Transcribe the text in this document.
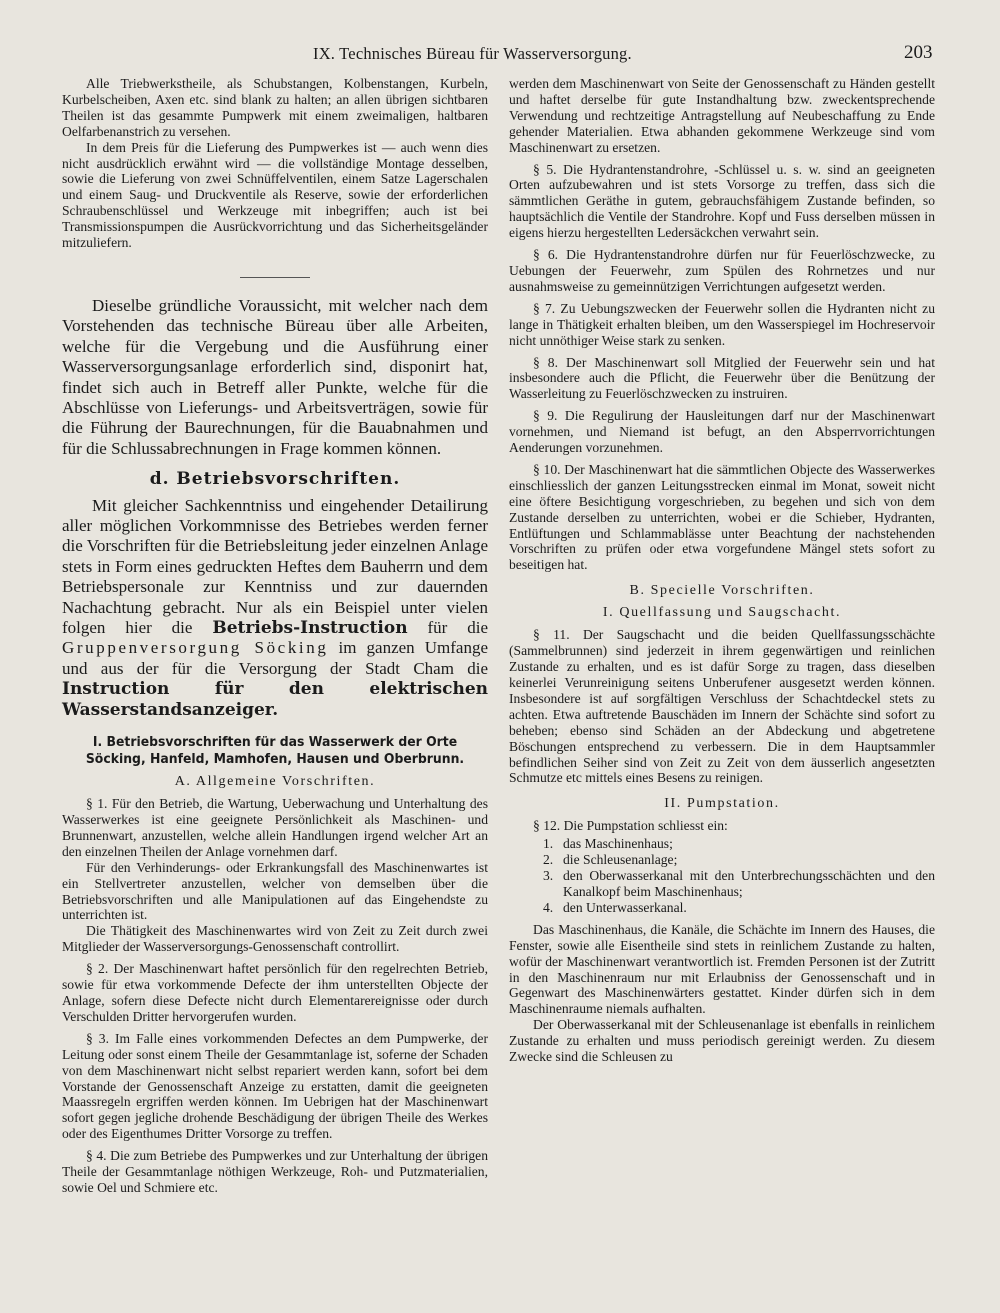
IX. Technisches Büreau für Wasserversorgung.	203

Alle Triebwerkstheile, als Schubstangen, Kolbenstangen, Kurbeln, Kurbelscheiben, Axen etc. sind blank zu halten; an allen übrigen sichtbaren Theilen ist das gesammte Pumpwerk mit einem zweimaligen, haltbaren Oelfarbenanstrich zu versehen.

In dem Preis für die Lieferung des Pumpwerkes ist — auch wenn dies nicht ausdrücklich erwähnt wird — die vollständige Montage desselben, sowie die Lieferung von zwei Schnüffelventilen, einem Satze Lagerschalen und einem Saug- und Druckventile als Reserve, sowie der erforderlichen Schraubenschlüssel und Werkzeuge mit inbegriffen; auch ist bei Transmissionspumpen die Ausrückvorrichtung und das Sicherheitsgeländer mitzuliefern.

Dieselbe gründliche Voraussicht, mit welcher nach dem Vorstehenden das technische Büreau über alle Arbeiten, welche für die Vergebung und die Ausführung einer Wasserversorgungsanlage erforderlich sind, disponirt hat, findet sich auch in Betreff aller Punkte, welche für die Abschlüsse von Lieferungs- und Arbeitsverträgen, sowie für die Führung der Baurechnungen, für die Bauabnahmen und für die Schlussabrechnungen in Frage kommen können.

d. Betriebsvorschriften.

Mit gleicher Sachkenntniss und eingehender Detailirung aller möglichen Vorkommnisse des Betriebes werden ferner die Vorschriften für die Betriebsleitung jeder einzelnen Anlage stets in Form eines gedruckten Heftes dem Bauherrn und dem Betriebspersonale zur Kenntniss und zur dauernden Nachachtung gebracht. Nur als ein Beispiel unter vielen folgen hier die Betriebs-Instruction für die Gruppenversorgung Söcking im ganzen Umfange und aus der für die Versorgung der Stadt Cham die Instruction für den elektrischen Wasserstandsanzeiger.

I. Betriebsvorschriften für das Wasserwerk der Orte Söcking, Hanfeld, Mamhofen, Hausen und Oberbrunn.
A. Allgemeine Vorschriften.

§ 1. Für den Betrieb, die Wartung, Ueberwachung und Unterhaltung des Wasserwerkes ist eine geeignete Persönlichkeit als Maschinen- und Brunnenwart, anzustellen, welche allein Handlungen irgend welcher Art an den einzelnen Theilen der Anlage vornehmen darf.

Für den Verhinderungs- oder Erkrankungsfall des Maschinenwartes ist ein Stellvertreter anzustellen, welcher von demselben über die Betriebsvorschriften und alle Manipulationen auf das Eingehendste zu unterrichten ist.

Die Thätigkeit des Maschinenwartes wird von Zeit zu Zeit durch zwei Mitglieder der Wasserversorgungs-Genossenschaft controllirt.

§ 2. Der Maschinenwart haftet persönlich für den regelrechten Betrieb, sowie für etwa vorkommende Defecte der ihm unterstellten Objecte der Anlage, sofern diese Defecte nicht durch Elementarereignisse oder durch Verschulden Dritter hervorgerufen wurden.

§ 3. Im Falle eines vorkommenden Defectes an dem Pumpwerke, der Leitung oder sonst einem Theile der Gesammtanlage ist, soferne der Schaden von dem Maschinenwart nicht selbst repariert werden kann, sofort bei dem Vorstande der Genossenschaft Anzeige zu erstatten, damit die geeigneten Maassregeln ergriffen werden können. Im Uebrigen hat der Maschinenwart sofort gegen jegliche drohende Beschädigung der übrigen Theile des Werkes oder des Eigenthumes Dritter Vorsorge zu treffen.

§ 4. Die zum Betriebe des Pumpwerkes und zur Unterhaltung der übrigen Theile der Gesammtanlage nöthigen Werkzeuge, Roh- und Putzmaterialien, sowie Oel und Schmiere etc.

werden dem Maschinenwart von Seite der Genossenschaft zu Händen gestellt und haftet derselbe für gute Instandhaltung bzw. zweckentsprechende Verwendung und rechtzeitige Antragstellung auf Neubeschaffung zu Ende gehender Materialien. Etwa abhanden gekommene Werkzeuge sind vom Maschinenwart zu ersetzen.

§ 5. Die Hydrantenstandrohre, -Schlüssel u. s. w. sind an geeigneten Orten aufzubewahren und ist stets Vorsorge zu treffen, dass sich die sämmtlichen Geräthe in gutem, gebrauchsfähigem Zustande befinden, so hauptsächlich die Ventile der Standrohre. Kopf und Fuss derselben müssen in eigens hierzu hergestellten Ledersäckchen verwahrt sein.

§ 6. Die Hydrantenstandrohre dürfen nur für Feuerlöschzwecke, zu Uebungen der Feuerwehr, zum Spülen des Rohrnetzes und nur ausnahmsweise zu gemeinnützigen Verrichtungen aufgesetzt werden.

§ 7. Zu Uebungszwecken der Feuerwehr sollen die Hydranten nicht zu lange in Thätigkeit erhalten bleiben, um den Wasserspiegel im Hochreservoir nicht unnöthiger Weise stark zu senken.

§ 8. Der Maschinenwart soll Mitglied der Feuerwehr sein und hat insbesondere auch die Pflicht, die Feuerwehr über die Benützung der Wasserleitung zu Feuerlöschzwecken zu instruiren.

§ 9. Die Regulirung der Hausleitungen darf nur der Maschinenwart vornehmen, und Niemand ist befugt, an den Absperrvorrichtungen Aenderungen vorzunehmen.

§ 10. Der Maschinenwart hat die sämmtlichen Objecte des Wasserwerkes einschliesslich der ganzen Leitungsstrecken einmal im Monat, soweit nicht eine öftere Besichtigung vorgeschrieben, zu begehen und sich von dem Zustande derselben zu unterrichten, wobei er die Schieber, Hydranten, Entlüftungen und Schlammablässe unter Beachtung der nachstehenden Vorschriften zu prüfen oder etwa vorgefundene Mängel stets sofort zu beseitigen hat.

B. Specielle Vorschriften.
I. Quellfassung und Saugschacht.

§ 11. Der Saugschacht und die beiden Quellfassungsschächte (Sammelbrunnen) sind jederzeit in ihrem gegenwärtigen und reinlichen Zustande zu erhalten, und es ist dafür Sorge zu tragen, dass dieselben keinerlei Verunreinigung seitens Unberufener ausgesetzt werden können. Insbesondere ist auf sorgfältigen Verschluss der Schachtdeckel stets zu achten. Etwa auftretende Bauschäden im Innern der Schächte sind sofort zu beheben; ebenso sind Schäden an der Abdeckung und abgetretene Böschungen entsprechend zu verbessern. Die in dem Hauptsammler befindlichen Seiher sind von Zeit zu Zeit von dem äusserlich angesetzten Schmutze etc mittels eines Besens zu reinigen.

II. Pumpstation.

§ 12. Die Pumpstation schliesst ein:

1. das Maschinenhaus;
2. die Schleusenanlage;
3. den Oberwasserkanal mit den Unterbrechungsschächten und den Kanalkopf beim Maschinenhaus;
4. den Unterwasserkanal.

Das Maschinenhaus, die Kanäle, die Schächte im Innern des Hauses, die Fenster, sowie alle Eisentheile sind stets in reinlichem Zustande zu halten, wofür der Maschinenwart verantwortlich ist. Fremden Personen ist der Zutritt in den Maschinenraum nur mit Erlaubniss der Genossenschaft und in Gegenwart des Maschinenwärters gestattet. Kinder dürfen sich in dem Maschinenraume niemals aufhalten.

Der Oberwasserkanal mit der Schleusenanlage ist ebenfalls in reinlichem Zustande zu erhalten und muss periodisch gereinigt werden. Zu diesem Zwecke sind die Schleusen zu
